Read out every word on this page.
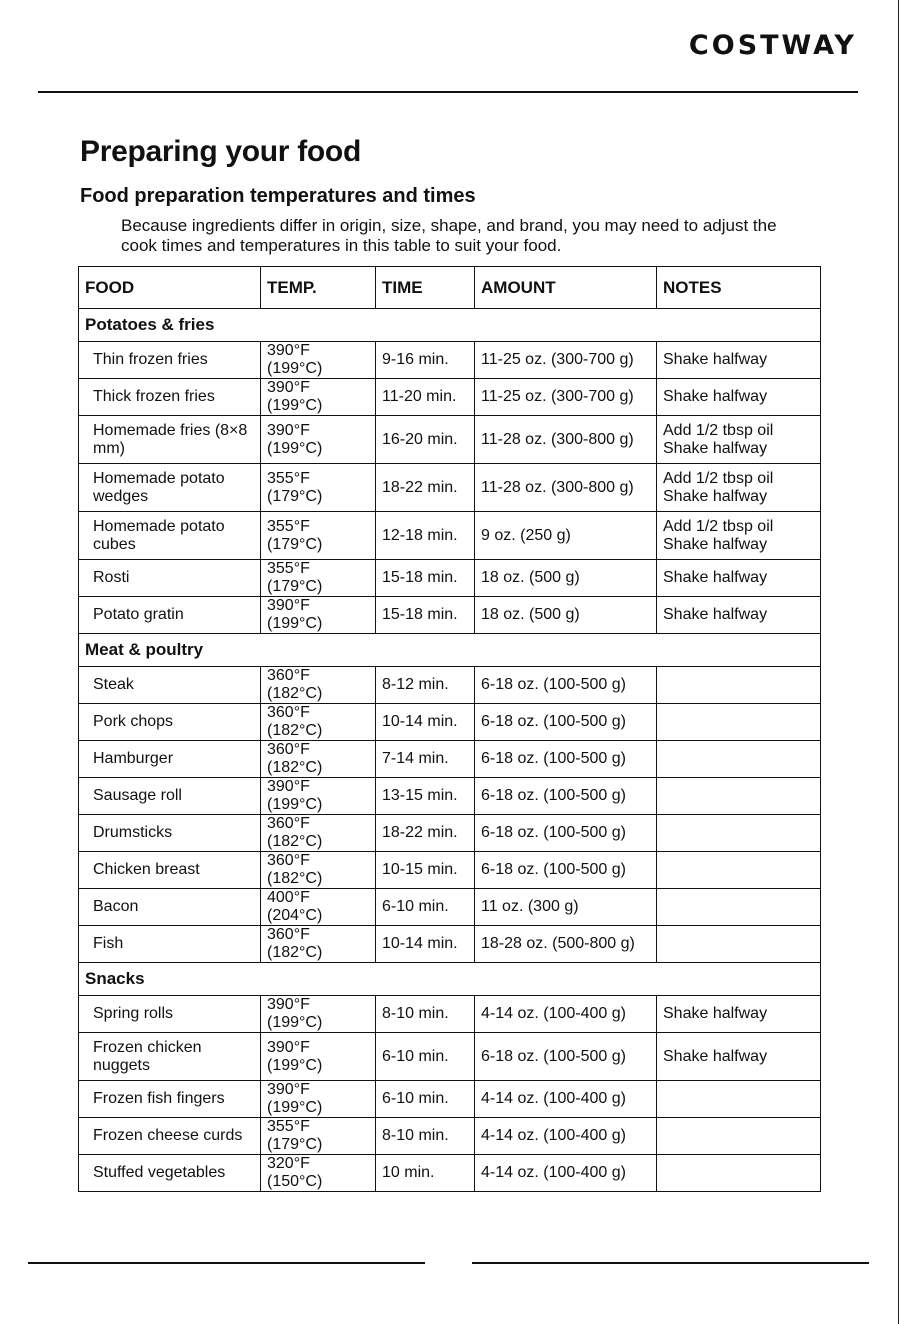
COSTWAY
Preparing your food
Food preparation temperatures and times

Because ingredients differ in origin, size, shape, and brand, you may need to adjust the cook times and temperatures in this table to suit your food.

FOOD	TEMP.	TIME	AMOUNT	NOTES
Potatoes & fries				
Thin frozen fries	390°F (199°C)	9-16 min.	11-25 oz. (300-700 g)	Shake halfway
Thick frozen fries	390°F (199°C)	11-20 min.	11-25 oz. (300-700 g)	Shake halfway
Homemade fries (8×8 mm)	390°F (199°C)	16-20 min.	11-28 oz. (300-800 g)	Add 1/2 tbsp oil Shake halfway
Homemade potato wedges	355°F (179°C)	18-22 min.	11-28 oz. (300-800 g)	Add 1/2 tbsp oil Shake halfway
Homemade potato cubes	355°F (179°C)	12-18 min.	9 oz. (250 g)	Add 1/2 tbsp oil Shake halfway
Rosti	355°F (179°C)	15-18 min.	18 oz. (500 g)	Shake halfway
Potato gratin	390°F (199°C)	15-18 min.	18 oz. (500 g)	Shake halfway
Meat & poultry				
Steak	360°F (182°C)	8-12 min.	6-18 oz. (100-500 g)	
Pork chops	360°F (182°C)	10-14 min.	6-18 oz. (100-500 g)	
Hamburger	360°F (182°C)	7-14 min.	6-18 oz. (100-500 g)	
Sausage roll	390°F (199°C)	13-15 min.	6-18 oz. (100-500 g)	
Drumsticks	360°F (182°C)	18-22 min.	6-18 oz. (100-500 g)	
Chicken breast	360°F (182°C)	10-15 min.	6-18 oz. (100-500 g)	
Bacon	400°F (204°C)	6-10 min.	11 oz. (300 g)	
Fish	360°F (182°C)	10-14 min.	18-28 oz. (500-800 g)	
Snacks				
Spring rolls	390°F (199°C)	8-10 min.	4-14 oz. (100-400 g)	Shake halfway
Frozen chicken nuggets	390°F (199°C)	6-10 min.	6-18 oz. (100-500 g)	Shake halfway
Frozen fish fingers	390°F (199°C)	6-10 min.	4-14 oz. (100-400 g)	
Frozen cheese curds	355°F (179°C)	8-10 min.	4-14 oz. (100-400 g)	
Stuffed vegetables	320°F (150°C)	10 min.	4-14 oz. (100-400 g)	
